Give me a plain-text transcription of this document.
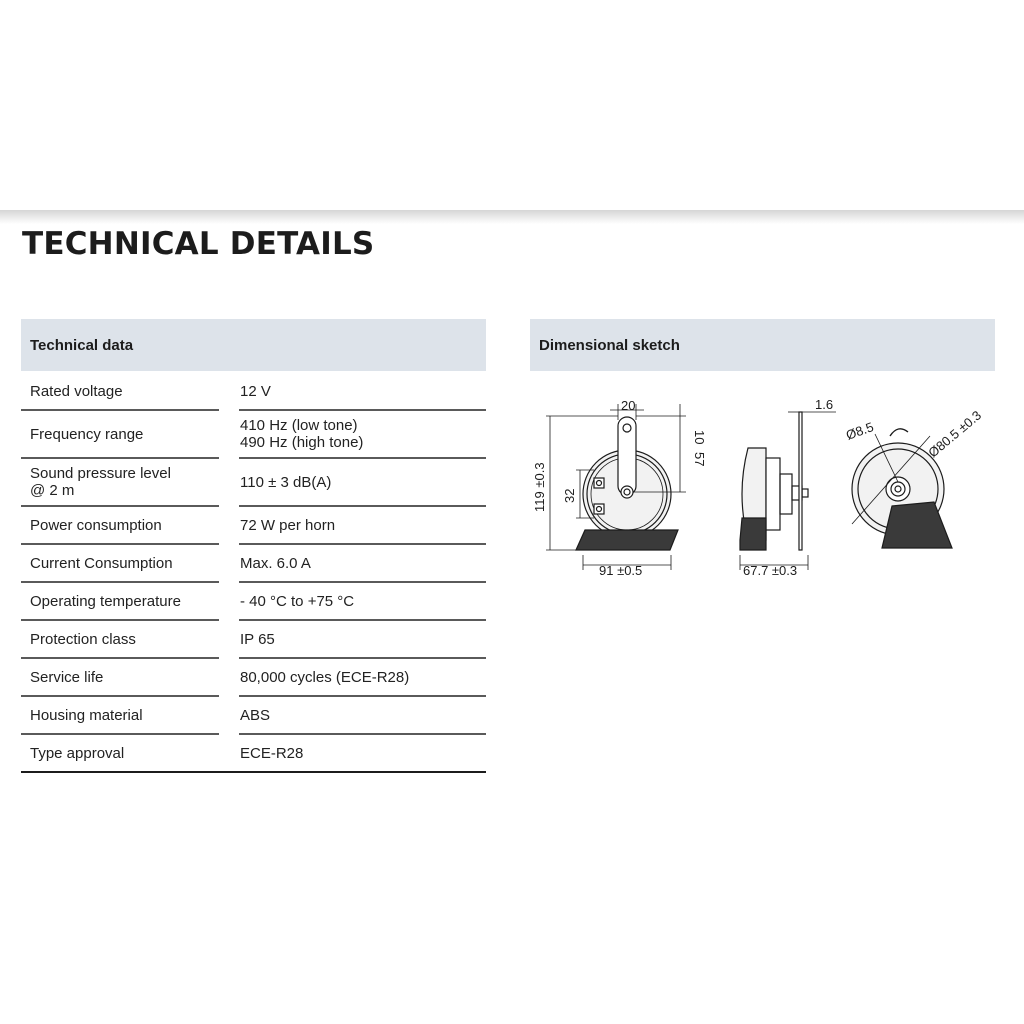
TECHNICAL DETAILS
Technical data
Rated voltage		12 V
Frequency range		410 Hz (low tone)
490 Hz (high tone)
Sound pressure level
@ 2 m		110 ± 3 dB(A)
Power consumption		72 W per horn
Current Consumption		Max. 6.0 A
Operating temperature		- 40 °C to +75 °C
Protection class		IP 65
Service life		80,000 cycles (ECE-R28)
Housing material		ABS
Type approval		ECE-R28
Dimensional sketch
20
10
57
119 ±0.3 32
91 ±0.5
1.6
67.7 ±0.3
Ø8.5	Ø80.5 ±0.3
